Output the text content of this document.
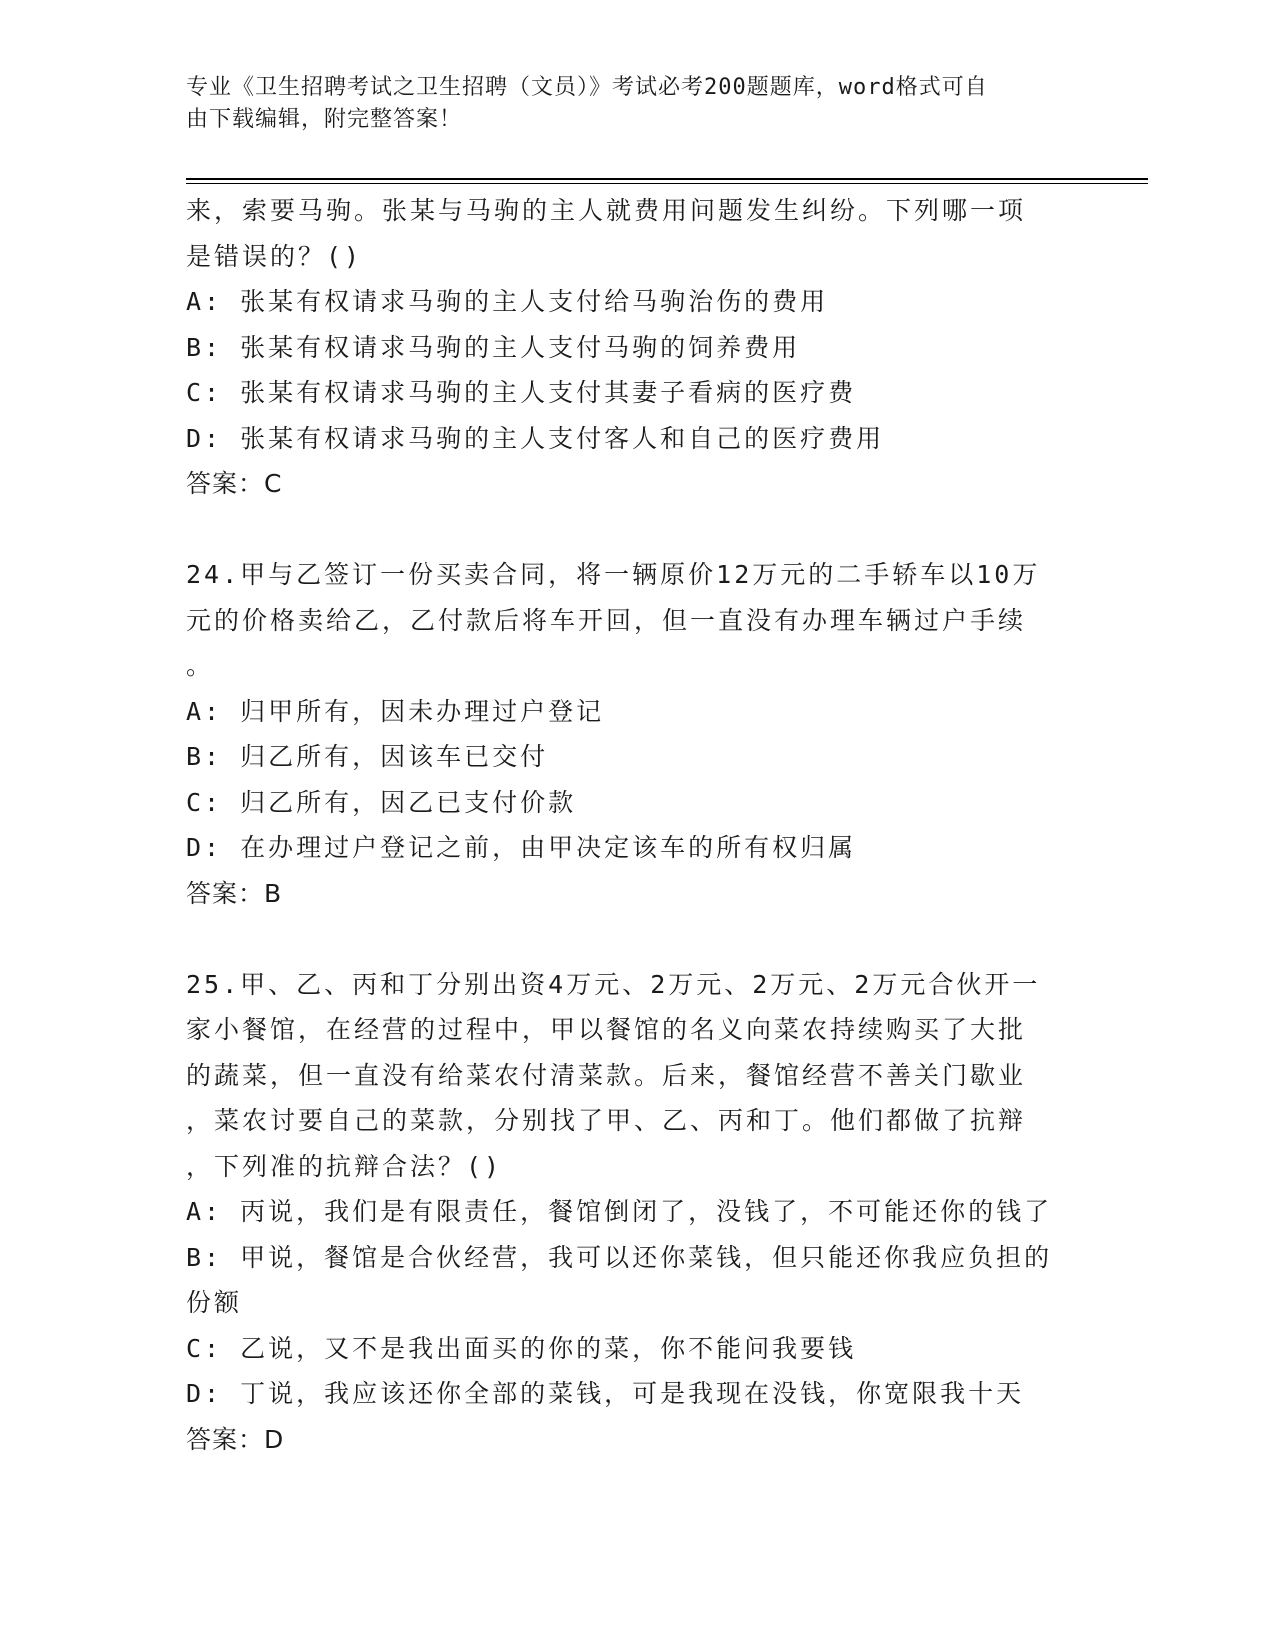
专业《卫生招聘考试之卫生招聘（文员）》考试必考200题题库，word格式可自

由下载编辑，附完整答案！

来，索要马驹。张某与马驹的主人就费用问题发生纠纷。下列哪一项

是错误的？()

A: 张某有权请求马驹的主人支付给马驹治伤的费用

B: 张某有权请求马驹的主人支付马驹的饲养费用

C: 张某有权请求马驹的主人支付其妻子看病的医疗费

D: 张某有权请求马驹的主人支付客人和自己的医疗费用

答案：C

24.甲与乙签订一份买卖合同，将一辆原价12万元的二手轿车以10万

元的价格卖给乙，乙付款后将车开回，但一直没有办理车辆过户手续

。

A: 归甲所有，因未办理过户登记

B: 归乙所有，因该车已交付

C: 归乙所有，因乙已支付价款

D: 在办理过户登记之前，由甲决定该车的所有权归属

答案：B

25.甲、乙、丙和丁分别出资4万元、2万元、2万元、2万元合伙开一

家小餐馆，在经营的过程中，甲以餐馆的名义向菜农持续购买了大批

的蔬菜，但一直没有给菜农付清菜款。后来，餐馆经营不善关门歇业

，菜农讨要自己的菜款，分别找了甲、乙、丙和丁。他们都做了抗辩

，下列准的抗辩合法？()

A: 丙说，我们是有限责任，餐馆倒闭了，没钱了，不可能还你的钱了

B: 甲说，餐馆是合伙经营，我可以还你菜钱，但只能还你我应负担的

份额

C: 乙说，又不是我出面买的你的菜，你不能问我要钱

D: 丁说，我应该还你全部的菜钱，可是我现在没钱，你宽限我十天

答案：D
